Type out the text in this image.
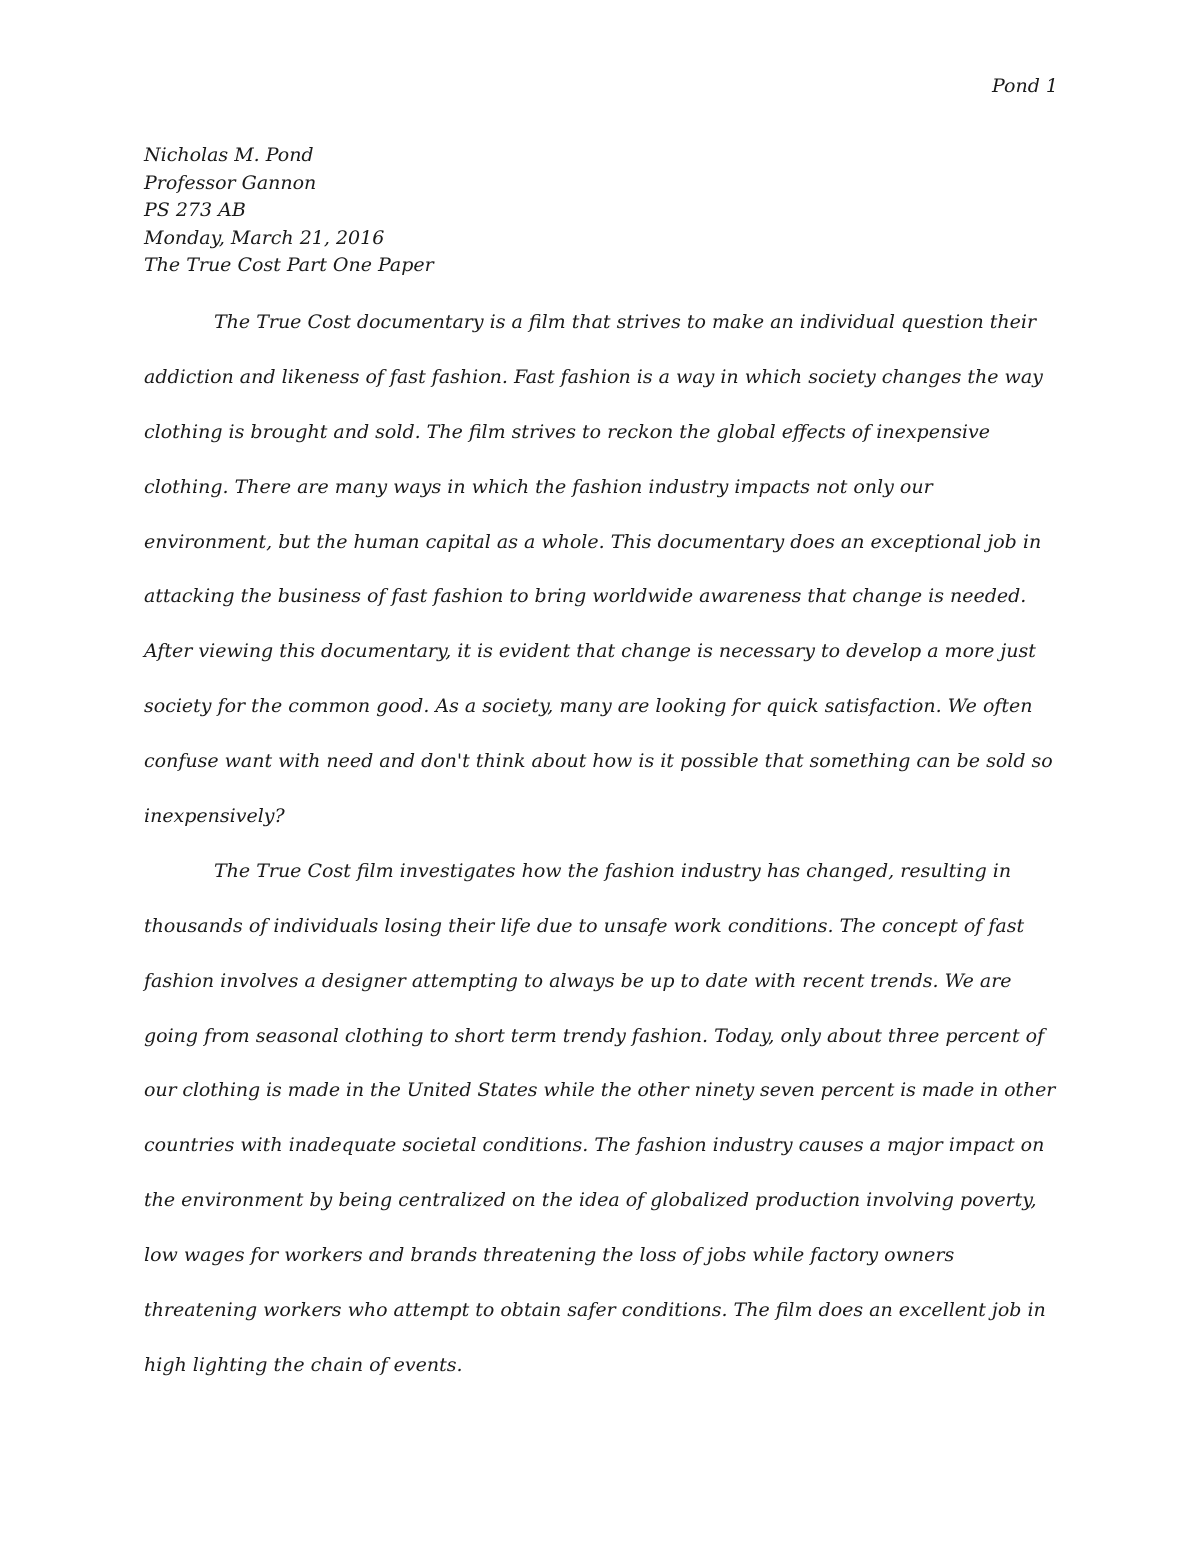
Pond 1
Nicholas M. Pond
Professor Gannon
PS 273 AB
Monday, March 21, 2016
The True Cost Part One Paper
The True Cost documentary is a film that strives to make an individual question their
addiction and likeness of fast fashion. Fast fashion is a way in which society changes the way
clothing is brought and sold. The film strives to reckon the global effects of inexpensive
clothing. There are many ways in which the fashion industry impacts not only our
environment, but the human capital as a whole. This documentary does an exceptional job in
attacking the business of fast fashion to bring worldwide awareness that change is needed.
After viewing this documentary, it is evident that change is necessary to develop a more just
society for the common good. As a society, many are looking for quick satisfaction. We often
confuse want with need and don't think about how is it possible that something can be sold so
inexpensively?
The True Cost film investigates how the fashion industry has changed, resulting in
thousands of individuals losing their life due to unsafe work conditions. The concept of fast
fashion involves a designer attempting to always be up to date with recent trends. We are
going from seasonal clothing to short term trendy fashion. Today, only about three percent of
our clothing is made in the United States while the other ninety seven percent is made in other
countries with inadequate societal conditions. The fashion industry causes a major impact on
the environment by being centralized on the idea of globalized production involving poverty,
low wages for workers and brands threatening the loss of jobs while factory owners
threatening workers who attempt to obtain safer conditions. The film does an excellent job in
high lighting the chain of events.
